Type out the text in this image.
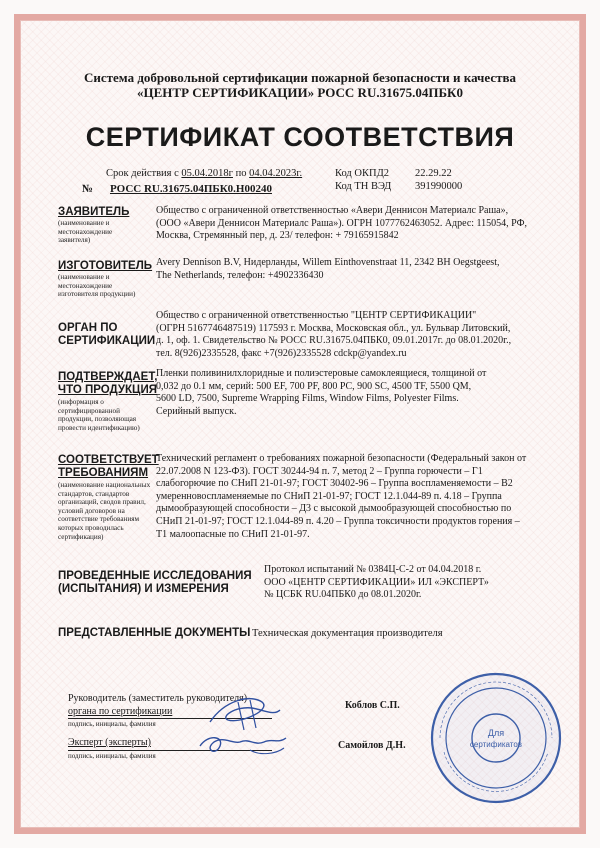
Система добровольной сертификации пожарной безопасности и качества
«ЦЕНТР СЕРТИФИКАЦИИ» РОСС RU.31675.04ПБК0
СЕРТИФИКАТ СООТВЕТСТВИЯ
Срок действия с 05.04.2018г по 04.04.2023г.	Код ОКПД2 22.29.22
Код ТН ВЭД 391990000
№ РОСС RU.31675.04ПБК0.Н00240
ЗАЯВИТЕЛЬ
(наименование и
местонахождение
заявителя)
Общество с ограниченной ответственностью «Авери Деннисон Материалс Раша»,
(ООО «Авери Деннисон Материалс Раша»). ОГРН 1077762463052. Адрес: 115054, РФ,
Москва, Стремянный пер, д. 23/ телефон: + 79165915842
ИЗГОТОВИТЕЛЬ
(наименование и
местонахождение
изготовителя продукции)
Avery Dennison B.V, Нидерланды, Willem Einthovenstraat 11, 2342 BH Oegstgeest,
The Netherlands, телефон: +4902336430
ОРГАН ПО
СЕРТИФИКАЦИИ
Общество с ограниченной ответственностью "ЦЕНТР СЕРТИФИКАЦИИ"
(ОГРН 5167746487519) 117593 г. Москва, Московская обл., ул. Бульвар Литовский,
д. 1, оф. 1. Свидетельство № РОСС RU.31675.04ПБК0, 09.01.2017г. до 08.01.2020г.,
тел. 8(926)2335528, факс +7(926)2335528 cdckp@yandex.ru
ПОДТВЕРЖДАЕТ,
ЧТО ПРОДУКЦИЯ
(информация о
сертифицированной
продукции, позволяющая
провести идентификацию)
Пленки поливинилхлоридные и полиэстеровые самоклеящиеся, толщиной от
0,032 до 0.1 мм, серий: 500 EF, 700 PF, 800 PC, 900 SC, 4500 TF, 5500 QM,
5600 LD, 7500, Supreme Wrapping Films, Window Films, Polyester Films.
Серийный выпуск.
СООТВЕТСТВУЕТ
ТРЕБОВАНИЯМ
(наименование национальных
стандартов, стандартов
организаций, сводов правил,
условий договоров на
соответствие требованиям
которых проводилась
сертификация)
Технический регламент о требованиях пожарной безопасности (Федеральный закон от
22.07.2008 N 123-ФЗ). ГОСТ 30244-94 п. 7, метод 2 – Группа горючести – Г1
слабогорючие по СНиП 21-01-97; ГОСТ 30402-96 – Группа воспламеняемости – В2
умеренновоспламеняемые по СНиП 21-01-97; ГОСТ 12.1.044-89 п. 4.18 – Группа
дымообразующей способности – Д3 с высокой дымообразующей способностью по
СНиП 21-01-97; ГОСТ 12.1.044-89 п. 4.20 – Группа токсичности продуктов горения –
Т1 малоопасные по СНиП 21-01-97.
ПРОВЕДЕННЫЕ ИССЛЕДОВАНИЯ
(ИСПЫТАНИЯ) И ИЗМЕРЕНИЯ
Протокол испытаний № 0384Ц-С-2 от 04.04.2018 г.
ООО «ЦЕНТР СЕРТИФИКАЦИИ» ИЛ «ЭКСПЕРТ»
№ ЦСБК RU.04ПБК0 до 08.01.2020г.
ПРЕДСТАВЛЕННЫЕ ДОКУМЕНТЫ Техническая документация производителя
Руководитель (заместитель руководителя)
органа по сертификации
подпись, инициалы, фамилия
Коблов С.П.
Эксперт (эксперты)
подпись, инициалы, фамилия
Самойлов Д.Н.
Для
сертификатов
